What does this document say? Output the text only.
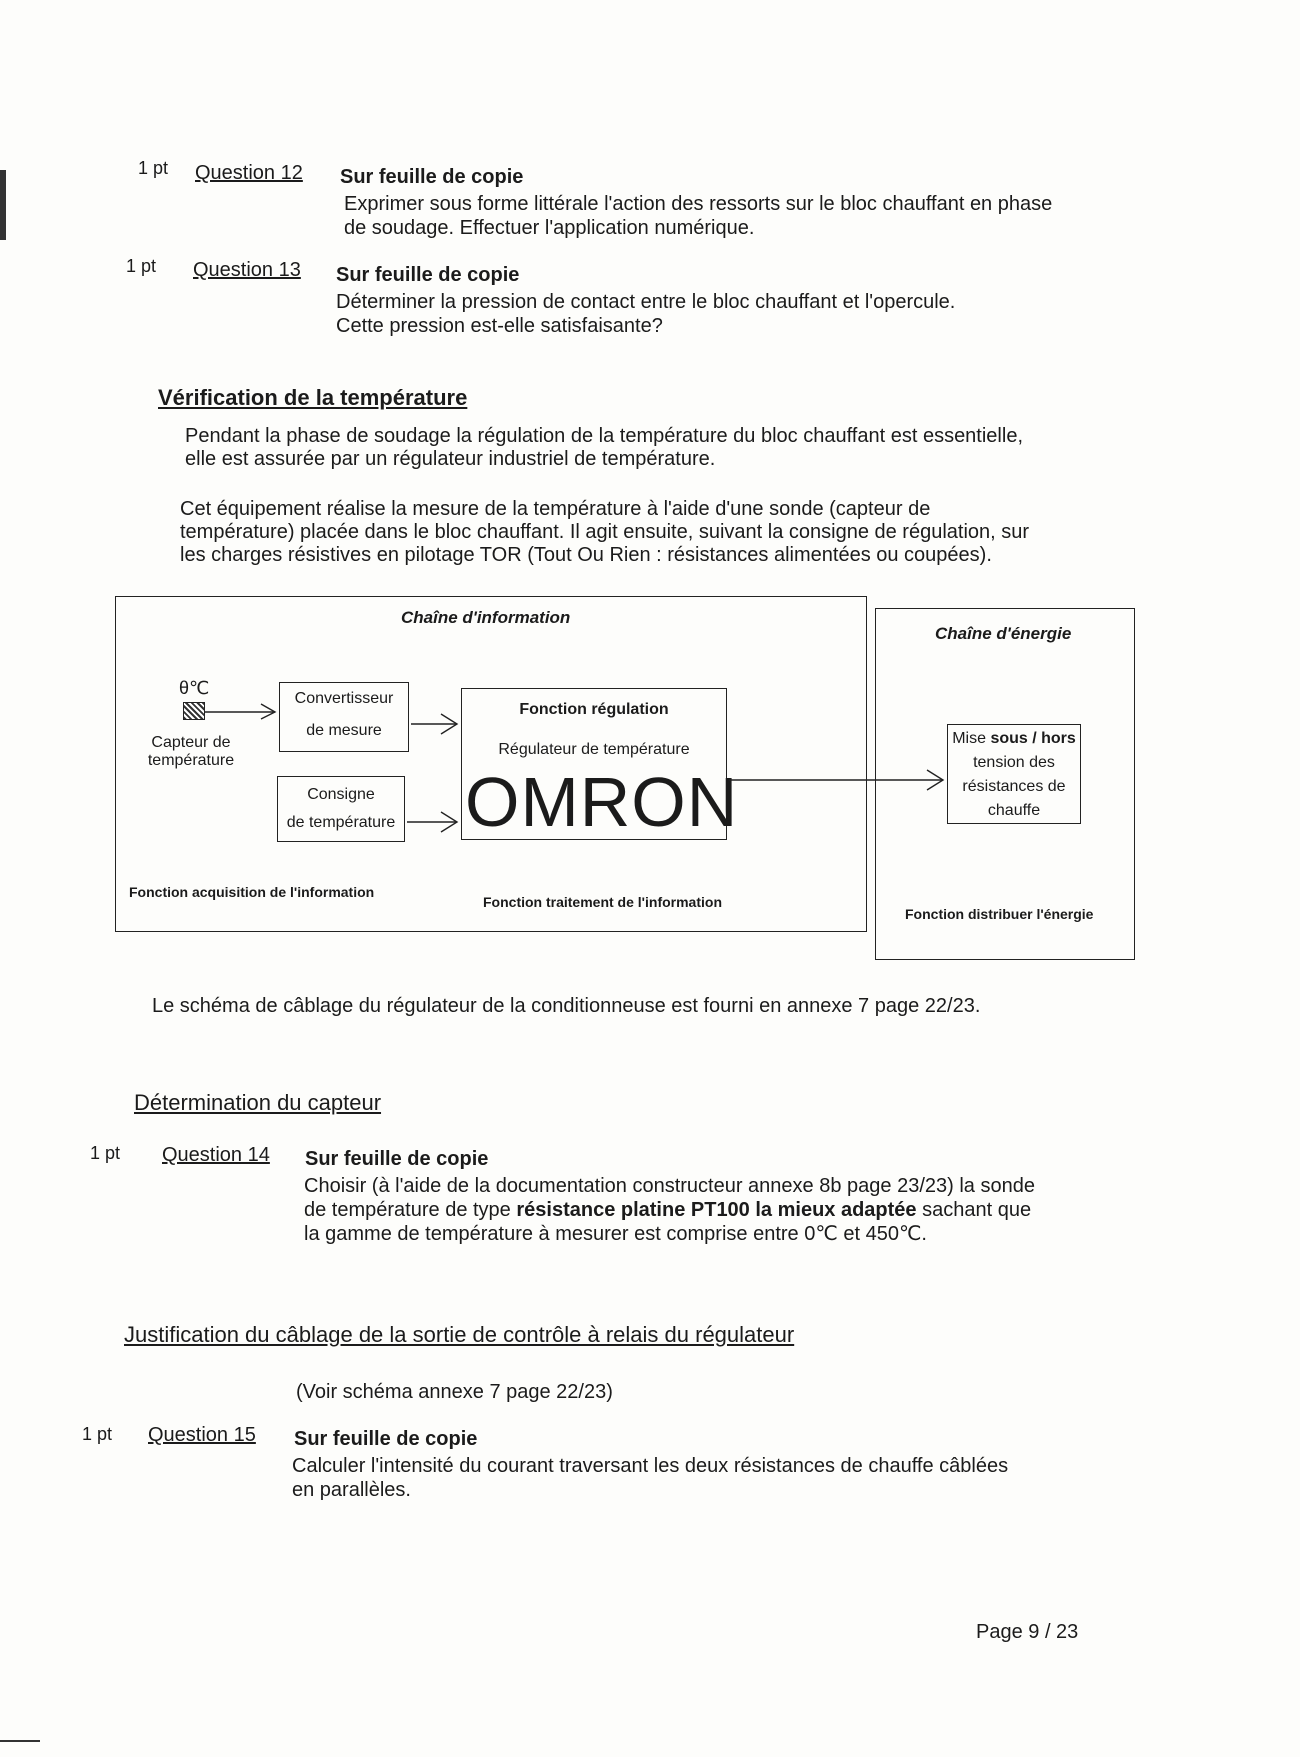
1 pt Question 12 Sur feuille de copie
Exprimer sous forme littérale l'action des ressorts sur le bloc chauffant en phase
de soudage. Effectuer l'application numérique.
1 pt Question 13 Sur feuille de copie
Déterminer la pression de contact entre le bloc chauffant et l'opercule.
Cette pression est-elle satisfaisante?
Vérification de la température
Pendant la phase de soudage la régulation de la température du bloc chauffant est essentielle,
elle est assurée par un régulateur industriel de température.
Cet équipement réalise la mesure de la température à l'aide d'une sonde (capteur de
température) placée dans le bloc chauffant. Il agit ensuite, suivant la consigne de régulation, sur
les charges résistives en pilotage TOR (Tout Ou Rien : résistances alimentées ou coupées).
Chaîne d'information
Chaîne d'énergie
θ℃
Capteur de
température
Convertisseur
de mesure
Consigne
de température
Fonction régulation
Régulateur de température
OMRON
Mise sous / hors
tension des
résistances de
chauffe
Fonction acquisition de l'information
Fonction traitement de l'information
Fonction distribuer l'énergie
Le schéma de câblage du régulateur de la conditionneuse est fourni en annexe 7 page 22/23.
Détermination du capteur
1 pt Question 14 Sur feuille de copie
Choisir (à l'aide de la documentation constructeur annexe 8b page 23/23) la sonde
de température de type résistance platine PT100 la mieux adaptée sachant que
la gamme de température à mesurer est comprise entre 0℃ et 450℃.
Justification du câblage de la sortie de contrôle à relais du régulateur
(Voir schéma annexe 7 page 22/23)
1 pt Question 15 Sur feuille de copie
Calculer l'intensité du courant traversant les deux résistances de chauffe câblées
en parallèles.
Page 9 / 23
